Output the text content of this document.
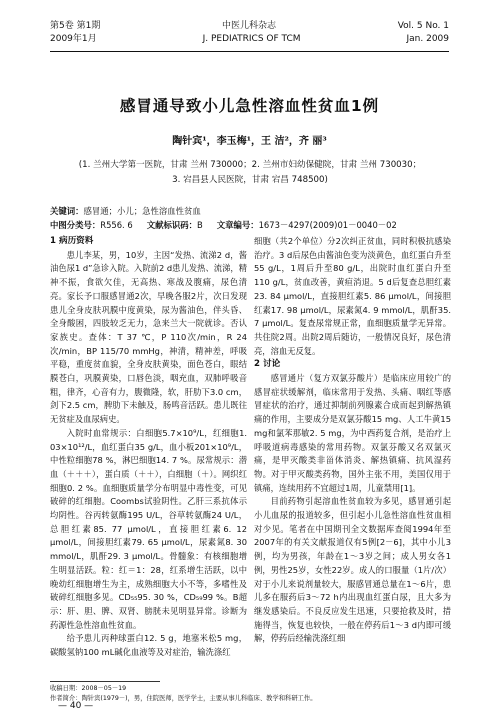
第5卷 第1期	中医儿科杂志	Vol. 5 No. 1
2009年1月	J. PEDIATRICS OF TCM	Jan. 2009
感冒通导致小儿急性溶血性贫血1例
陶针宾¹，李玉梅¹，王 洁²，齐 丽³
(1. 兰州大学第一医院，甘肃 兰州 730000；2. 兰州市妇幼保健院，甘肃 兰州 730030；
3. 宕昌县人民医院，甘肃 宕昌 748500)
关键词：感冒通；小儿；急性溶血性贫血
中图分类号：R556. 6 文献标识码：B 文章编号：1673－4297(2009)01－0040－02
1 病历资料

患儿李某，男，10岁，主因“发热、流涕2 d，酱油色尿1 d”急诊入院。入院前2 d患儿发热、流涕，精神不振，食欲欠佳，无高热、寒战及腹痛，尿色清亮。家长予口服感冒通2次，早晚各服2片，次日发现患儿全身皮肤巩膜中度黄染，尿为酱油色，伴头昏、全身酸困，四肢较乏无力，急来兰大一院就诊。否认家族史。查体：T 37 ℃，P 110次/min，R 24次/min，BP 115/70 mmHg，神清，精神差，呼吸平稳，重度贫血貌，全身皮肤黄染，面色苍白，眼结膜苍白，巩膜黄染，口唇色淡，咽充血，双肺呼吸音粗，律齐，心音有力，腹微隆，软，肝肋下3.0 cm，剑下2.5 cm，脾肋下未触及，肠鸣音活跃。患儿既往无贫症及血尿病史。

入院时血常规示：白细胞5.7×10⁹/L，红细胞1. 03×10¹²/L，血红蛋白35 g/L，血小板201×10⁹/L，中性粒细胞78 %，淋巴细胞14. 7 %。尿常规示：潜血（＋＋＋），蛋白质（＋＋），白细胞（＋）。网织红细胞0. 2 %。血细胞质量学分布明显中毒性变，可见破碎的红细胞。Coombs试验阴性。乙肝三系抗体示均阴性。谷丙转氨酶195 U/L，谷草转氨酶24 U/L，总胆红素85. 77 μmol/L，直接胆红素6. 12 μmol/L，间接胆红素79. 65 μmol/L，尿素氮8. 30 mmol/L，肌酐29. 3 μmol/L。骨髓象：有核细胞增生明显活跃。粒：红＝1：28，红系增生活跃，以中晚幼红细胞增生为主，成熟细胞大小不等，多嗜性及破碎红细胞多见。CD₅₅95. 30 %，CD₅₉99 %。B超示：肝、胆、脾、双肾、膀胱未见明显异常。诊断为药源性急性溶血性贫血。

给予患儿丙种球蛋白12. 5 g，地塞米松5 mg，碳酸氢钠100 mL碱化血液等及对症治，输洗涤红

细胞（共2个单位）分2次纠正贫血，同时积极抗感染治疗。3 d后尿色由酱油色变为淡黄色，血红蛋白升至55 g/L，1周后升至80 g/L，出院时血红蛋白升至110 g/L，贫血改善，黄疸消退。5 d后复查总胆红素23. 84 μmol/L，直接胆红素5. 86 μmol/L，间接胆红素17. 98 μmol/L，尿素氮4. 9 mmol/L，肌酐35. 7 μmol/L。复查尿常规正常，血细胞质量学无异常。共住院2周。出院2周后随访，一般情况良好，尿色清亮，溶血无反复。

2 讨论

感冒通片（复方双氯芬酸片）是临床应用较广的感冒症状缓解剂，临床常用于发热、头痛、咽红等感冒症状的治疗，通过抑制前列腺素合成而起到解热镇痛的作用，主要成分是双氯芬酸15 mg、人工牛黄15 mg和氯苯那敏2. 5 mg，为中西药复合剂，是治疗上呼吸道病毒感染的常用药物。双氯芬酸又名双氯灭痛，是甲灭酸类非甾体消炎、解热镇痛、抗风湿药物。对于甲灭酸类药物，国外主张不用，美国仅用于镇痛，连续用药不宜超过1周，儿童禁用[1]。

目前药物引起溶血性贫血较为多见，感冒通引起小儿血尿的报道较多，但引起小儿急性溶血性贫血相对少见。笔者在中国期刊全文数据库查阅1994年至2007年的有关文献报道仅有5例[2－6]，其中小儿3例，均为男孩，年龄在1～3岁之间；成人男女各1例，男性25岁，女性22岁。成人的口服量（1片/次）对于小儿来说剂量较大，服感冒通总量在1～6片，患儿多在服药后3～72 h内出现血红蛋白尿，且大多为继发感染后。不良反应发生迅速，只要抢救及时，措施得当，恢复也较快，一般在停药后1～3 d内即可缓解，停药后经输洗涤红细

收稿日期：2008－05－19
作者简介：陶针宾(1979－)，男，住院医师，医学学士，主要从事儿科临床、教学和科研工作。
— 40 —
